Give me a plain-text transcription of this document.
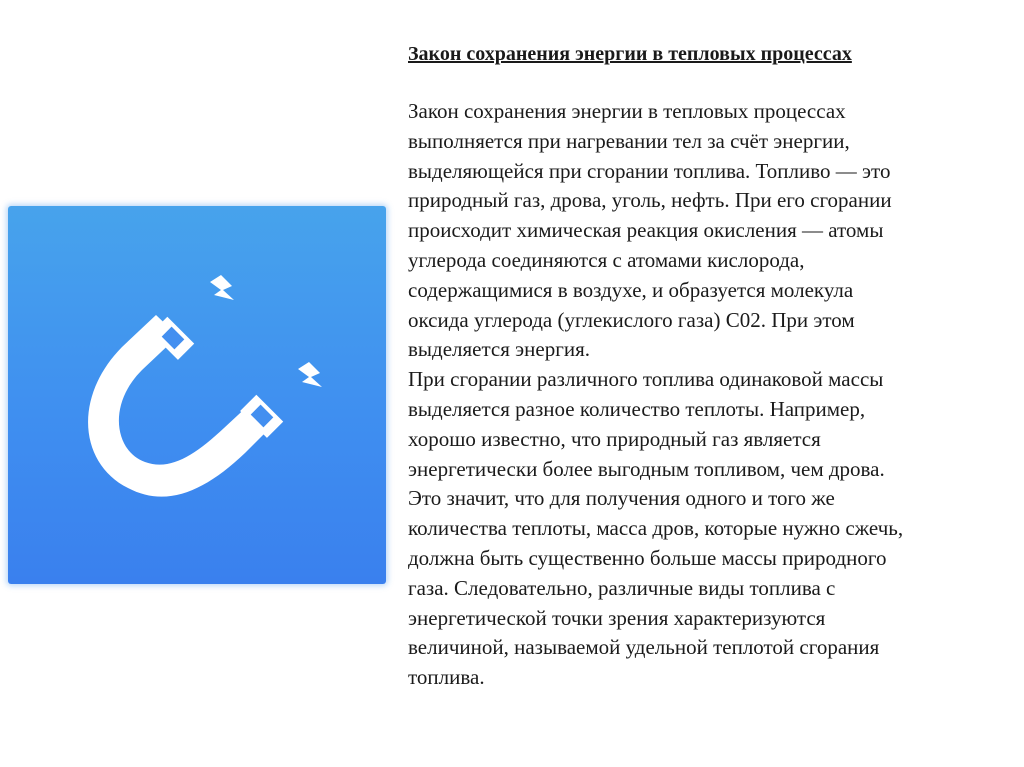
Закон сохранения энергии в тепловых процессах
Закон сохранения энергии в тепловых процессах
выполняется при нагревании тел за счёт энергии,
выделяющейся при сгорании топлива. Топливо — это
природный газ, дрова, уголь, нефть. При его сгорании
происходит химическая реакция окисления — атомы
углерода соединяются с атомами кислорода,
содержащимися в воздухе, и образуется молекула
оксида углерода (углекислого газа) С02. При этом
выделяется энергия.
При сгорании различного топлива одинаковой массы
выделяется разное количество теплоты. Например,
хорошо известно, что природный газ является
энергетически более выгодным топливом, чем дрова.
Это значит, что для получения одного и того же
количества теплоты, масса дров, которые нужно сжечь,
должна быть существенно больше массы природного
газа. Следовательно, различные виды топлива с
энергетической точки зрения характеризуются
величиной, называемой удельной теплотой сгорания
топлива.
